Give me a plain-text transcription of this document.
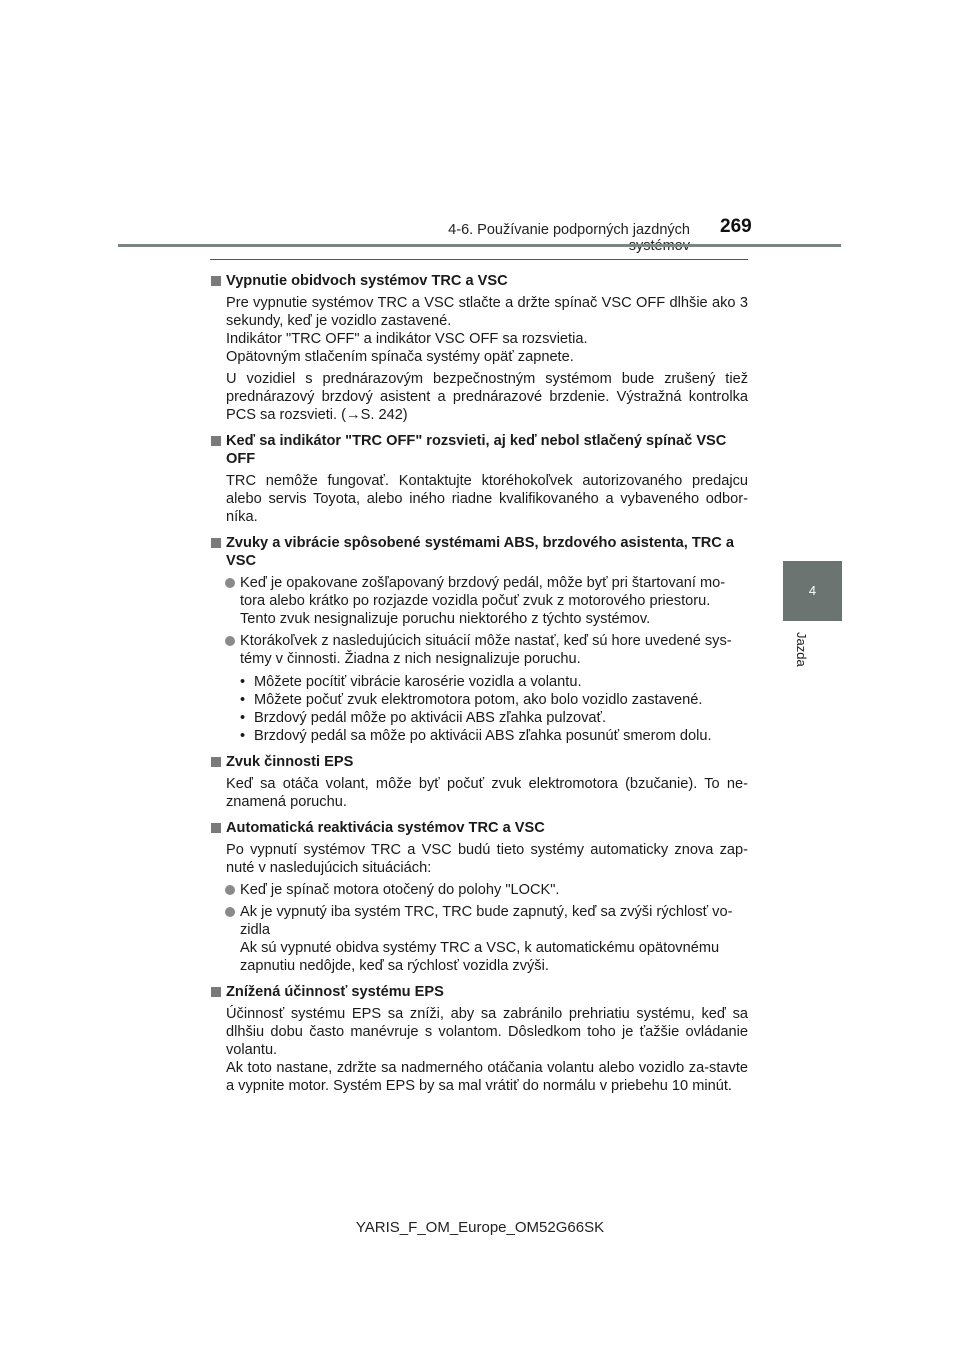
4-6. Používanie podporných jazdných 269
4
Jazda
Vypnutie obidvoch systémov TRC a VSC
Pre vypnutie systémov TRC a VSC stlačte a držte spínač VSC OFF dlhšie ako 3 sekundy, keď je vozidlo zastavené.
Indikátor "TRC OFF" a indikátor VSC OFF sa rozsvietia.
Opätovným stlačením spínača systémy opäť zapnete.
U vozidiel s prednárazovým bezpečnostným systémom bude zrušený tiež prednárazový brzdový asistent a prednárazové brzdenie. Výstražná kontrolka PCS sa rozsvieti. (→S. 242)
Keď sa indikátor "TRC OFF" rozsvieti, aj keď nebol stlačený spínač VSC OFF
TRC nemôže fungovať. Kontaktujte ktoréhokoľvek autorizovaného predajcu alebo servis Toyota, alebo iného riadne kvalifikovaného a vybaveného odbor-níka.
Zvuky a vibrácie spôsobené systémami ABS, brzdového asistenta, TRC a VSC
Keď je opakovane zošľapovaný brzdový pedál, môže byť pri štartovaní mo-tora alebo krátko po rozjazde vozidla počuť zvuk z motorového priestoru. Tento zvuk nesignalizuje poruchu niektorého z týchto systémov.
Ktorákoľvek z nasledujúcich situácií môže nastať, keď sú hore uvedené sys-témy v činnosti. Žiadna z nich nesignalizuje poruchu.
• Môžete pocítiť vibrácie karosérie vozidla a volantu.
• Môžete počuť zvuk elektromotora potom, ako bolo vozidlo zastavené.
• Brzdový pedál môže po aktivácii ABS zľahka pulzovať.
• Brzdový pedál sa môže po aktivácii ABS zľahka posunúť smerom dolu.
Zvuk činnosti EPS
Keď sa otáča volant, môže byť počuť zvuk elektromotora (bzučanie). To ne-znamená poruchu.
Automatická reaktivácia systémov TRC a VSC
Po vypnutí systémov TRC a VSC budú tieto systémy automaticky znova zap-nuté v nasledujúcich situáciách:
Keď je spínač motora otočený do polohy "LOCK".
Ak je vypnutý iba systém TRC, TRC bude zapnutý, keď sa zvýši rýchlosť vo-zidla
Ak sú vypnuté obidva systémy TRC a VSC, k automatickému opätovnému zapnutiu nedôjde, keď sa rýchlosť vozidla zvýši.
Znížená účinnosť systému EPS
Účinnosť systému EPS sa zníži, aby sa zabránilo prehriatiu systému, keď sa dlhšiu dobu často manévruje s volantom. Dôsledkom toho je ťažšie ovládanie volantu.
Ak toto nastane, zdržte sa nadmerného otáčania volantu alebo vozidlo za-stavte a vypnite motor. Systém EPS by sa mal vrátiť do normálu v priebehu 10 minút.
YARIS_F_OM_Europe_OM52G66SK
